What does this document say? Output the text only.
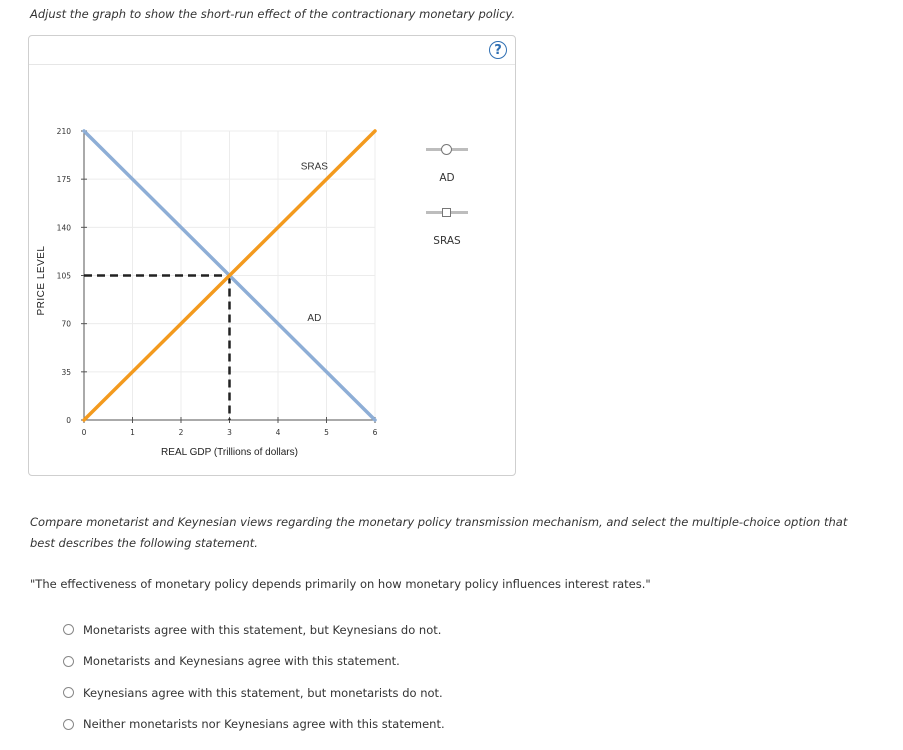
Adjust the graph to show the short-run effect of the contractionary monetary policy.
?
0
35
70
105
140
175
210
0	1	2	3	4	5	6
REAL GDP (Trillions of dollars)
PRICE LEVEL
AD
SRAS
AD
SRAS
Compare monetarist and Keynesian views regarding the monetary policy transmission mechanism, and select the multiple-choice option that best describes the following statement.
"The effectiveness of monetary policy depends primarily on how monetary policy influences interest rates."
Monetarists agree with this statement, but Keynesians do not.
Monetarists and Keynesians agree with this statement.
Keynesians agree with this statement, but monetarists do not.
Neither monetarists nor Keynesians agree with this statement.
